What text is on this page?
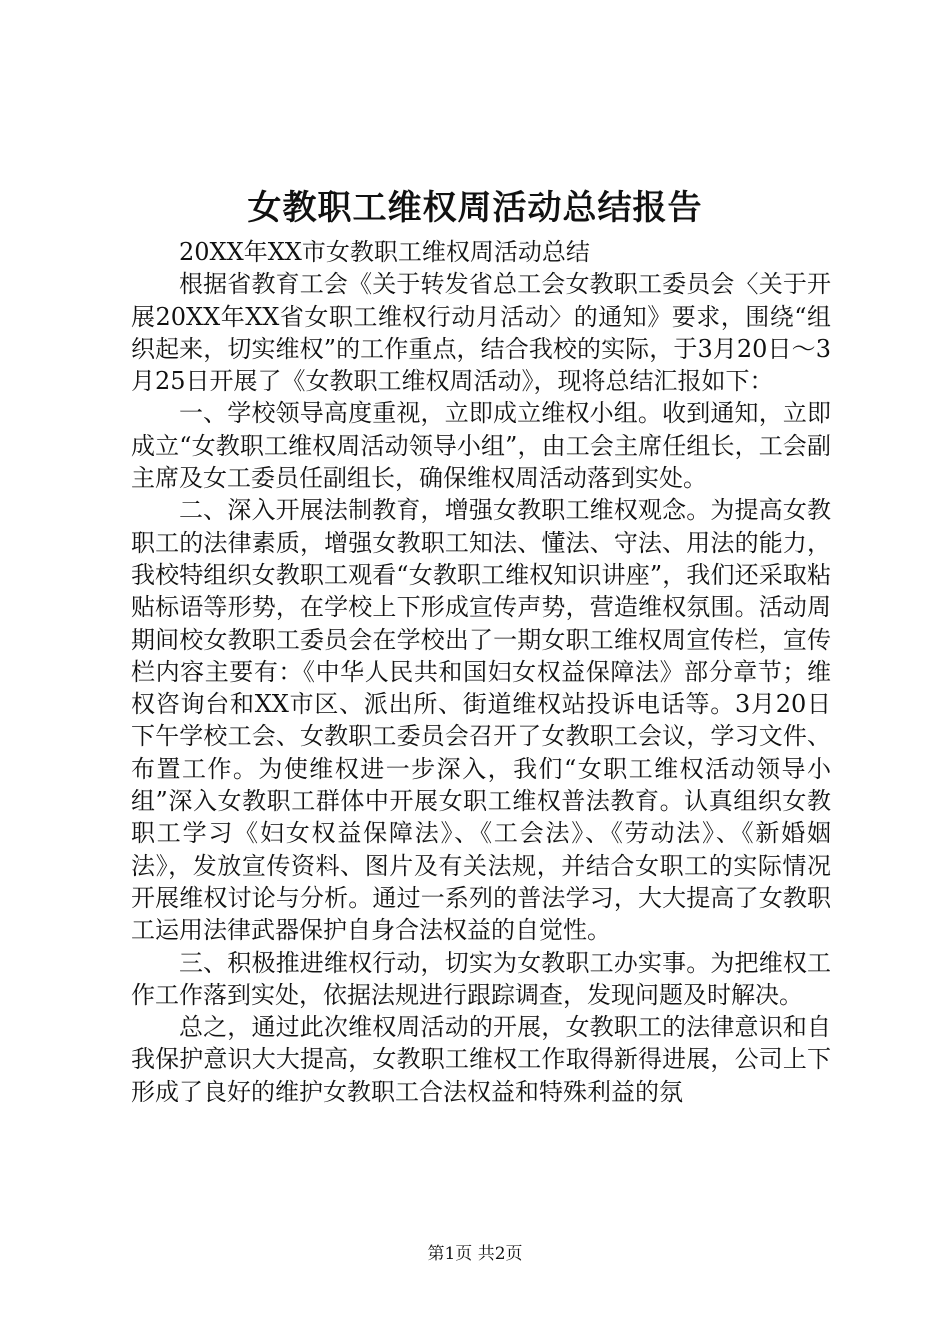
女教职工维权周活动总结报告

20XX年XX市女教职工维权周活动总结

根据省教育工会《关于转发省总工会女教职工委员会〈关于开展20XX年XX省女职工维权行动月活动〉的通知》要求，围绕“组织起来，切实维权”的工作重点，结合我校的实际，于3月20日～3月25日开展了《女教职工维权周活动》，现将总结汇报如下：

一、学校领导高度重视，立即成立维权小组。收到通知，立即成立“女教职工维权周活动领导小组”，由工会主席任组长，工会副主席及女工委员任副组长，确保维权周活动落到实处。

二、深入开展法制教育，增强女教职工维权观念。为提高女教职工的法律素质，增强女教职工知法、懂法、守法、用法的能力，我校特组织女教职工观看“女教职工维权知识讲座”，我们还采取粘贴标语等形势，在学校上下形成宣传声势，营造维权氛围。活动周期间校女教职工委员会在学校出了一期女职工维权周宣传栏，宣传栏内容主要有：《中华人民共和国妇女权益保障法》部分章节；维权咨询台和XX市区、派出所、街道维权站投诉电话等。3月20日下午学校工会、女教职工委员会召开了女教职工会议，学习文件、布置工作。为使维权进一步深入，我们“女职工维权活动领导小组”深入女教职工群体中开展女职工维权普法教育。认真组织女教职工学习《妇女权益保障法》、《工会法》、《劳动法》、《新婚姻法》，发放宣传资料、图片及有关法规，并结合女职工的实际情况开展维权讨论与分析。通过一系列的普法学习，大大提高了女教职工运用法律武器保护自身合法权益的自觉性。

三、积极推进维权行动，切实为女教职工办实事。为把维权工作工作落到实处，依据法规进行跟踪调查，发现问题及时解决。

总之，通过此次维权周活动的开展，女教职工的法律意识和自我保护意识大大提高，女教职工维权工作取得新得进展，公司上下形成了良好的维护女教职工合法权益和特殊利益的氛

第1页 共2页
